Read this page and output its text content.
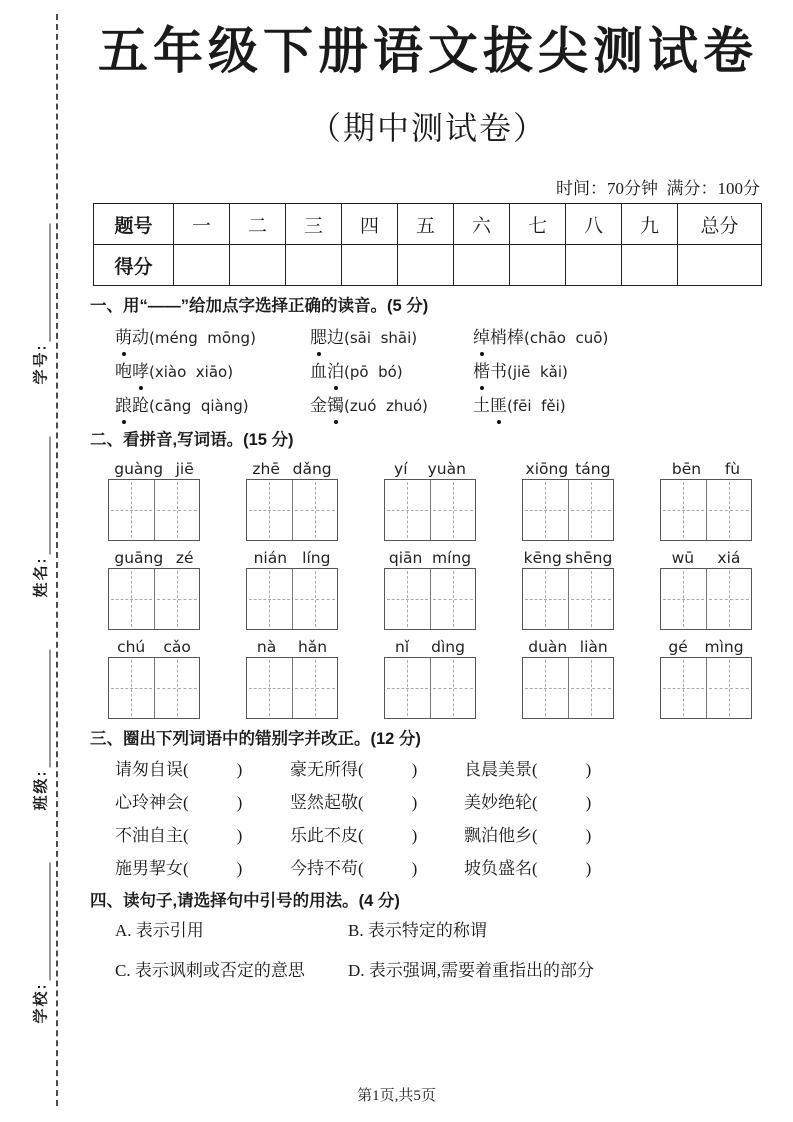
学校:
班级:
姓名:
学号:
五年级下册语文拔尖测试卷
（期中测试卷）
时间：70分钟  满分：100分
题号	一	二	三	四	五	六	七	八	九	总分
得分										
一、用“——”给加点字选择正确的读音。(5 分)
萌动(méng  mōng)	腮边(sāi  shāi)	绰梢棒(chāo  cuō)
咆哮(xiào  xiāo)	血泊(pō  bó)	楷书(jiē  kǎi)
踉跄(cāng  qiàng)	金镯(zuó  zhuó)	土匪(fēi  fěi)
二、看拼音,写词语。(15 分)
guàng jiē	zhē dǎng	yí yuàn	xiōng táng	bēn fù
guāng zé	nián líng	qiān míng	kēng shēng	wū xiá
chú cǎo	nà hǎn	nǐ dìng	duàn liàn	gé mìng
三、圈出下列词语中的错别字并改正。(12 分)
请匆自误(	)	豪无所得(	)	良晨美景(	)
心玲神会(	)	竖然起敬(	)	美妙绝轮(	)
不油自主(	)	乐此不皮(	)	飘泊他乡(	)
施男挈女(	)	今持不苟(	)	坡负盛名(	)
四、读句子,请选择句中引号的用法。(4 分)
A. 表示引用	B. 表示特定的称谓
C. 表示讽刺或否定的意思	D. 表示强调,需要着重指出的部分
第1页,共5页
